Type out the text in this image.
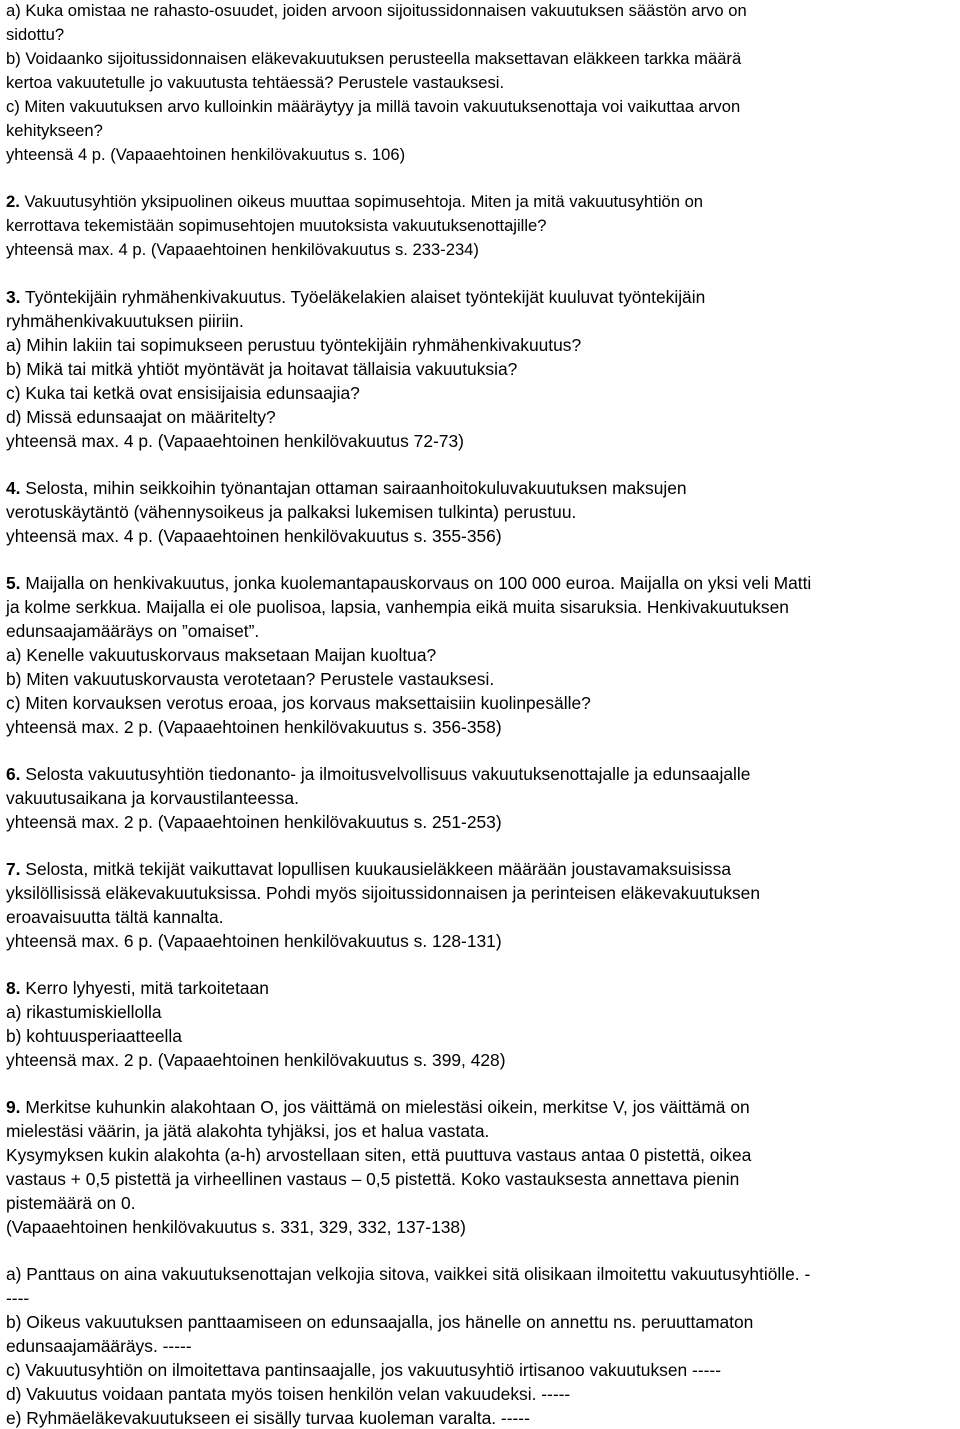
a) Kuka omistaa ne rahasto-osuudet, joiden arvoon sijoitussidonnaisen vakuutuksen säästön arvo on
sidottu?
b) Voidaanko sijoitussidonnaisen eläkevakuutuksen perusteella maksettavan eläkkeen tarkka määrä
kertoa vakuutetulle jo vakuutusta tehtäessä? Perustele vastauksesi.
c) Miten vakuutuksen arvo kulloinkin määräytyy ja millä tavoin vakuutuksenottaja voi vaikuttaa arvon
kehitykseen?
yhteensä 4 p. (Vapaaehtoinen henkilövakuutus s. 106)
2. Vakuutusyhtiön yksipuolinen oikeus muuttaa sopimusehtoja. Miten ja mitä vakuutusyhtiön on
kerrottava tekemistään sopimusehtojen muutoksista vakuutuksenottajille?
yhteensä max. 4 p. (Vapaaehtoinen henkilövakuutus s. 233-234)
3. Työntekijäin ryhmähenkivakuutus. Työeläkelakien alaiset työntekijät kuuluvat työntekijäin
ryhmähenkivakuutuksen piiriin.
a) Mihin lakiin tai sopimukseen perustuu työntekijäin ryhmähenkivakuutus?
b) Mikä tai mitkä yhtiöt myöntävät ja hoitavat tällaisia vakuutuksia?
c) Kuka tai ketkä ovat ensisijaisia edunsaajia?
d) Missä edunsaajat on määritelty?
yhteensä max. 4 p. (Vapaaehtoinen henkilövakuutus 72-73)
4. Selosta, mihin seikkoihin työnantajan ottaman sairaanhoitokuluvakuutuksen maksujen
verotuskäytäntö (vähennysoikeus ja palkaksi lukemisen tulkinta) perustuu.
yhteensä max. 4 p. (Vapaaehtoinen henkilövakuutus s. 355-356)
5. Maijalla on henkivakuutus, jonka kuolemantapauskorvaus on 100 000 euroa. Maijalla on yksi veli Matti
ja kolme serkkua. Maijalla ei ole puolisoa, lapsia, vanhempia eikä muita sisaruksia. Henkivakuutuksen
edunsaajamääräys on ”omaiset”.
a) Kenelle vakuutuskorvaus maksetaan Maijan kuoltua?
b) Miten vakuutuskorvausta verotetaan? Perustele vastauksesi.
c) Miten korvauksen verotus eroaa, jos korvaus maksettaisiin kuolinpesälle?
yhteensä max. 2 p. (Vapaaehtoinen henkilövakuutus s. 356-358)
6. Selosta vakuutusyhtiön tiedonanto- ja ilmoitusvelvollisuus vakuutuksenottajalle ja edunsaajalle
vakuutusaikana ja korvaustilanteessa.
yhteensä max. 2 p. (Vapaaehtoinen henkilövakuutus s. 251-253)
7. Selosta, mitkä tekijät vaikuttavat lopullisen kuukausieläkkeen määrään joustavamaksuisissa
yksilöllisissä eläkevakuutuksissa. Pohdi myös sijoitussidonnaisen ja perinteisen eläkevakuutuksen
eroavaisuutta tältä kannalta.
yhteensä max. 6 p. (Vapaaehtoinen henkilövakuutus s. 128-131)
8. Kerro lyhyesti, mitä tarkoitetaan
a) rikastumiskiellolla
b) kohtuusperiaatteella
yhteensä max. 2 p. (Vapaaehtoinen henkilövakuutus s. 399, 428)
9. Merkitse kuhunkin alakohtaan O, jos väittämä on mielestäsi oikein, merkitse V, jos väittämä on
mielestäsi väärin, ja jätä alakohta tyhjäksi, jos et halua vastata.
Kysymyksen kukin alakohta (a-h) arvostellaan siten, että puuttuva vastaus antaa 0 pistettä, oikea
vastaus + 0,5 pistettä ja virheellinen vastaus – 0,5 pistettä. Koko vastauksesta annettava pienin
pistemäärä on 0.
(Vapaaehtoinen henkilövakuutus s. 331, 329, 332, 137-138)
a) Panttaus on aina vakuutuksenottajan velkojia sitova, vaikkei sitä olisikaan ilmoitettu vakuutusyhtiölle. -
----
b) Oikeus vakuutuksen panttaamiseen on edunsaajalla, jos hänelle on annettu ns. peruuttamaton
edunsaajamääräys. -----
c) Vakuutusyhtiön on ilmoitettava pantinsaajalle, jos vakuutusyhtiö irtisanoo vakuutuksen -----
d) Vakuutus voidaan pantata myös toisen henkilön velan vakuudeksi. -----
e) Ryhmäeläkevakuutukseen ei sisälly turvaa kuoleman varalta. -----
